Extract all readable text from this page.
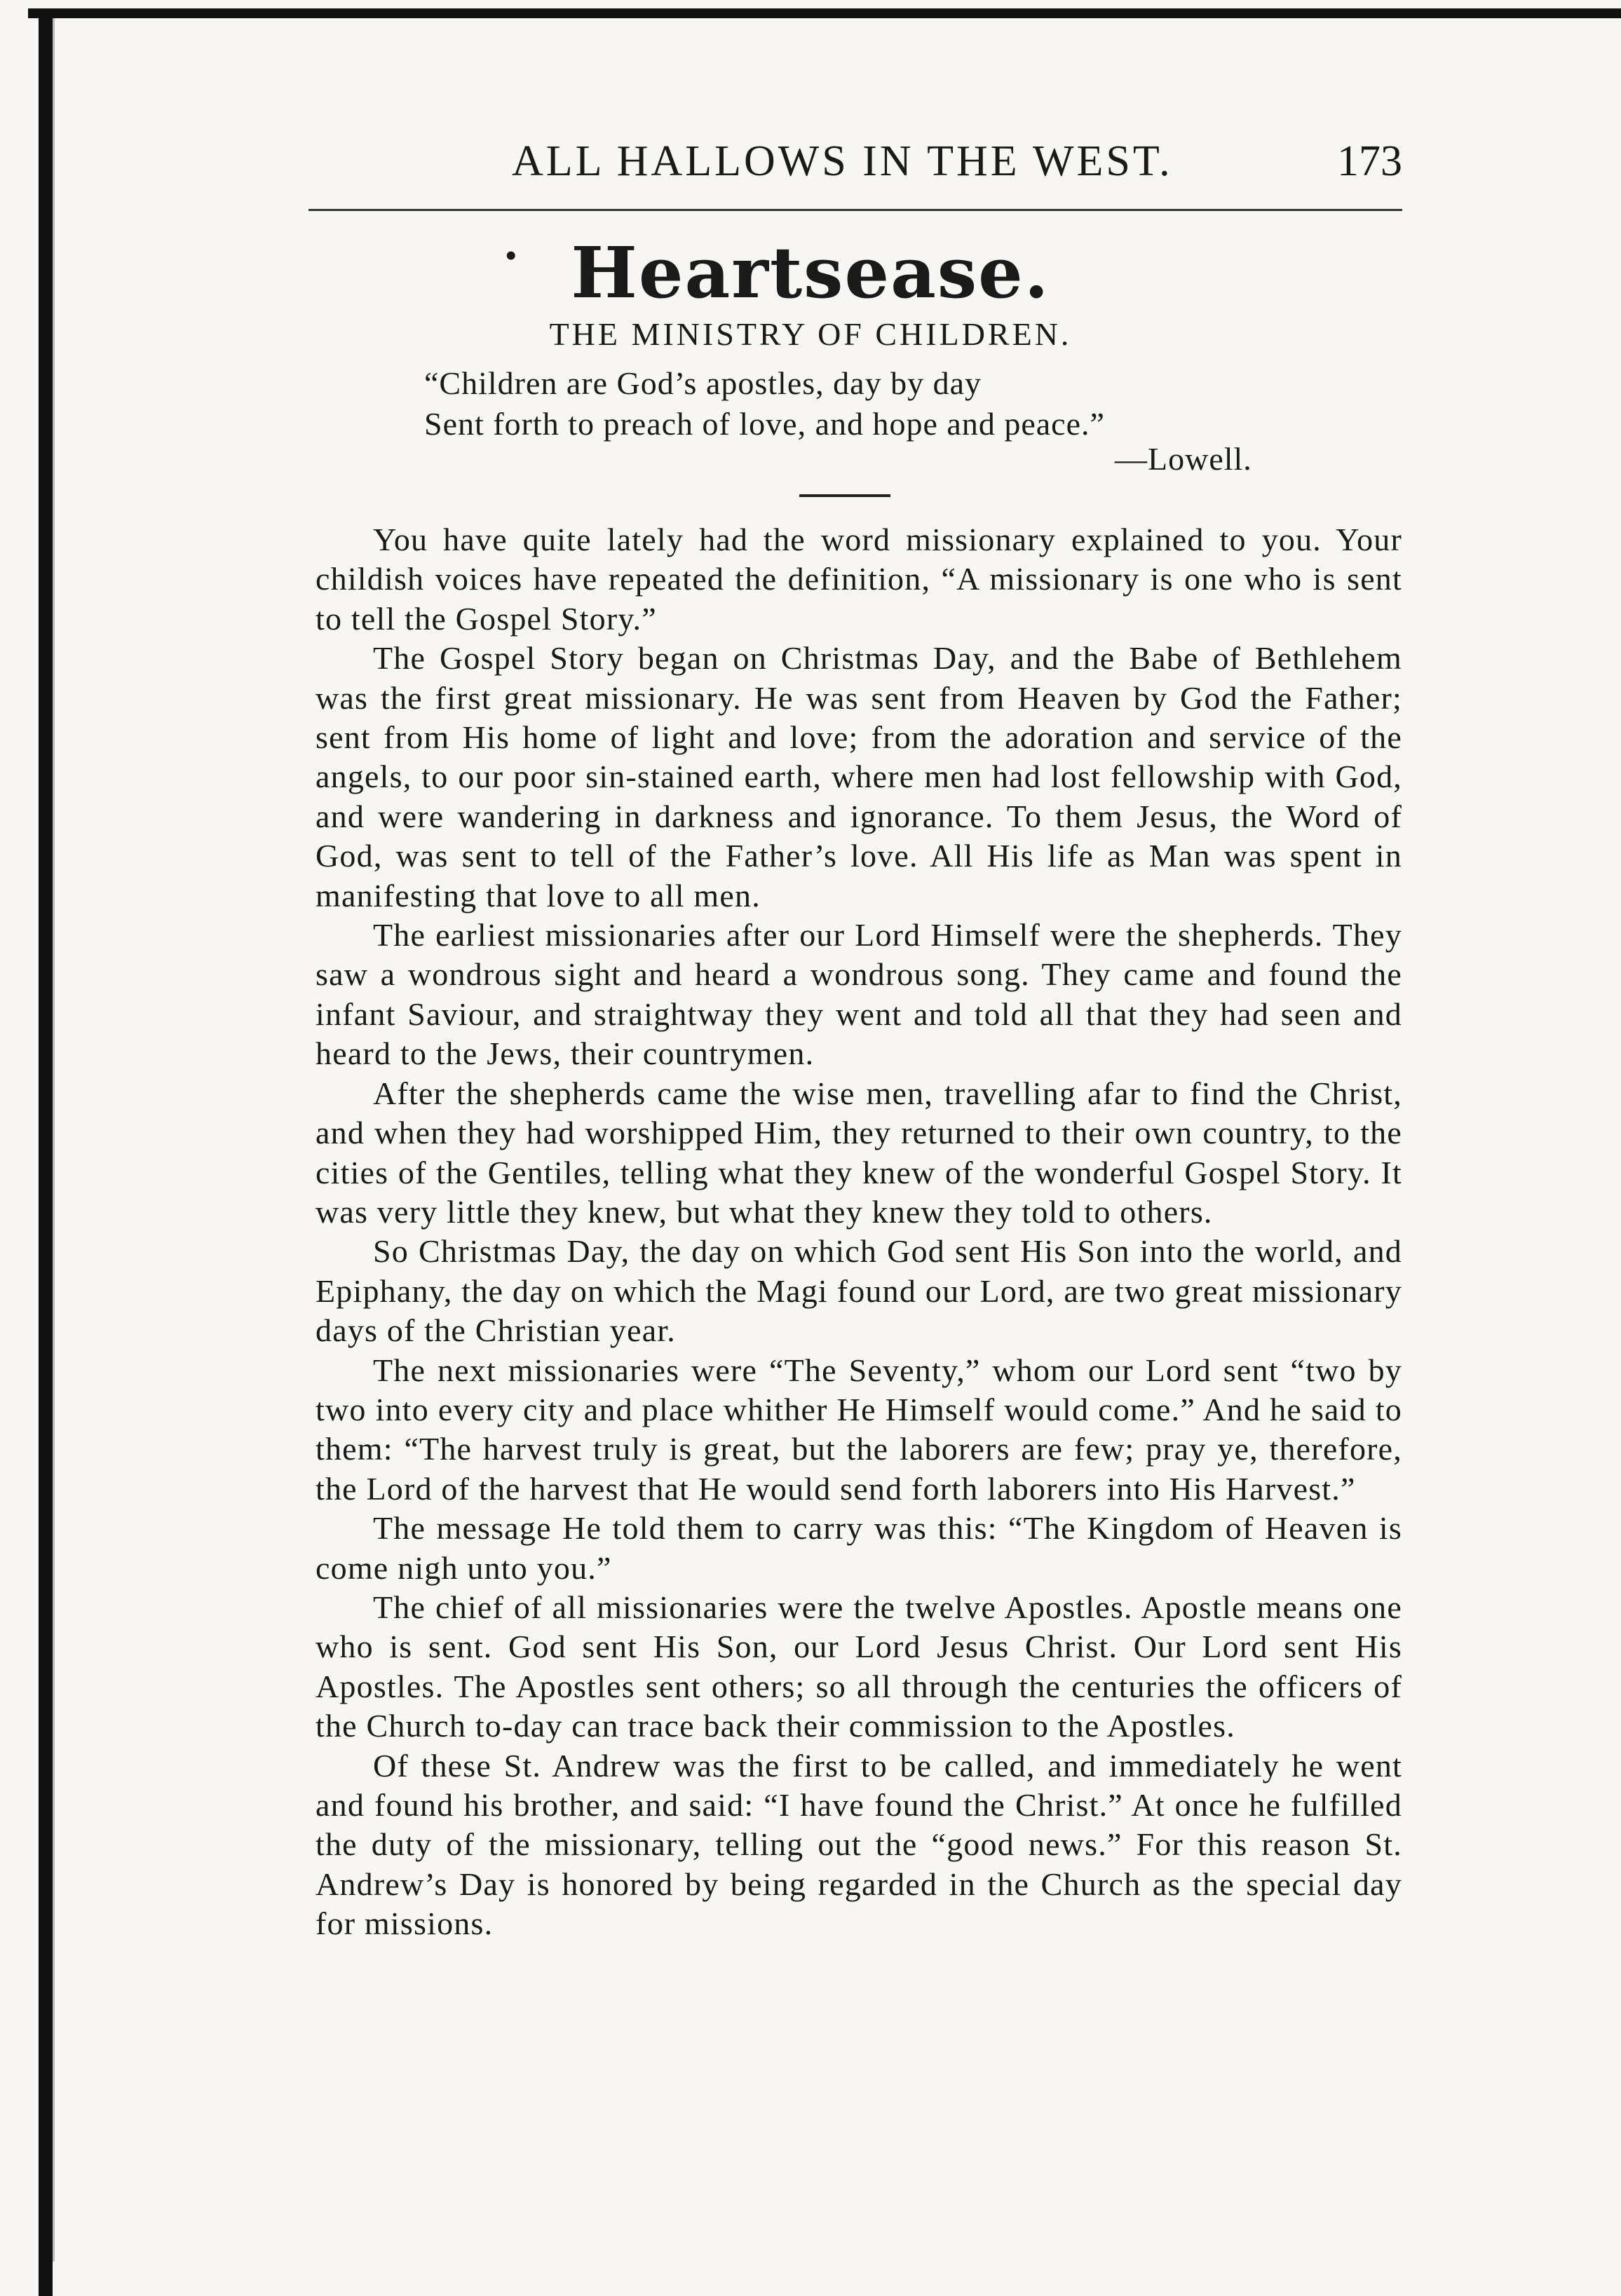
ALL HALLOWS IN THE WEST.	173
• Heartsease.
THE MINISTRY OF CHILDREN.
“Children are God’s apostles, day by day
Sent forth to preach of love, and hope and peace.”
—Lowell.

You have quite lately had the word missionary explained to you. Your childish voices have repeated the definition, “A missionary is one who is sent to tell the Gospel Story.”

The Gospel Story began on Christmas Day, and the Babe of Bethlehem was the first great missionary. He was sent from Heaven by God the Father; sent from His home of light and love; from the adoration and service of the angels, to our poor sin-stained earth, where men had lost fellowship with God, and were wandering in darkness and ignorance. To them Jesus, the Word of God, was sent to tell of the Father’s love. All His life as Man was spent in manifesting that love to all men.

The earliest missionaries after our Lord Himself were the shepherds. They saw a wondrous sight and heard a wondrous song. They came and found the infant Saviour, and straightway they went and told all that they had seen and heard to the Jews, their countrymen.

After the shepherds came the wise men, travelling afar to find the Christ, and when they had worshipped Him, they returned to their own country, to the cities of the Gentiles, telling what they knew of the wonderful Gospel Story. It was very little they knew, but what they knew they told to others.

So Christmas Day, the day on which God sent His Son into the world, and Epiphany, the day on which the Magi found our Lord, are two great missionary days of the Christian year.

The next missionaries were “The Seventy,” whom our Lord sent “two by two into every city and place whither He Himself would come.” And he said to them: “The harvest truly is great, but the laborers are few; pray ye, therefore, the Lord of the harvest that He would send forth laborers into His Harvest.”

The message He told them to carry was this: “The Kingdom of Heaven is come nigh unto you.”

The chief of all missionaries were the twelve Apostles. Apostle means one who is sent. God sent His Son, our Lord Jesus Christ. Our Lord sent His Apostles. The Apostles sent others; so all through the centuries the officers of the Church to-day can trace back their commission to the Apostles.

Of these St. Andrew was the first to be called, and immediately he went and found his brother, and said: “I have found the Christ.” At once he fulfilled the duty of the missionary, telling out the “good news.” For this reason St. Andrew’s Day is honored by being regarded in the Church as the special day for missions.
